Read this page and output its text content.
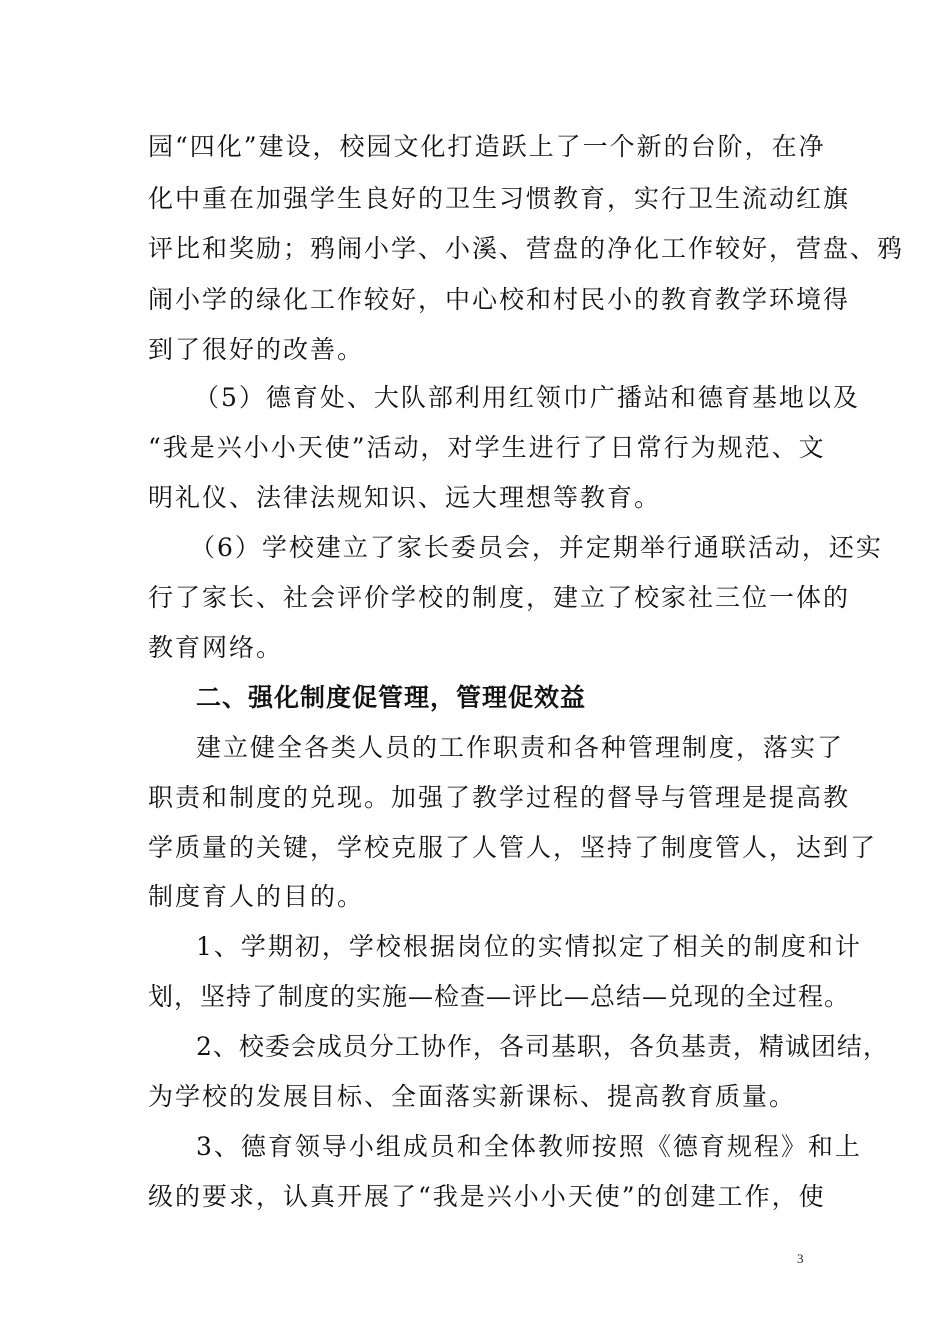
园“四化”建设，校园文化打造跃上了一个新的台阶，在净
化中重在加强学生良好的卫生习惯教育，实行卫生流动红旗
评比和奖励；鸦闹小学、小溪、营盘的净化工作较好，营盘、鸦
闹小学的绿化工作较好，中心校和村民小的教育教学环境得
到了很好的改善。
（5）德育处、大队部利用红领巾广播站和德育基地以及
“我是兴小小天使”活动，对学生进行了日常行为规范、文
明礼仪、法律法规知识、远大理想等教育。
（6）学校建立了家长委员会，并定期举行通联活动，还实
行了家长、社会评价学校的制度，建立了校家社三位一体的
教育网络。
二、强化制度促管理，管理促效益
建立健全各类人员的工作职责和各种管理制度，落实了
职责和制度的兑现。加强了教学过程的督导与管理是提高教
学质量的关键，学校克服了人管人，坚持了制度管人，达到了
制度育人的目的。
1、学期初，学校根据岗位的实情拟定了相关的制度和计
划，坚持了制度的实施—检查—评比—总结—兑现的全过程。
2、校委会成员分工协作，各司基职，各负基责，精诚团结，
为学校的发展目标、全面落实新课标、提高教育质量。
3、德育领导小组成员和全体教师按照《德育规程》和上
级的要求，认真开展了“我是兴小小天使”的创建工作，使
3
